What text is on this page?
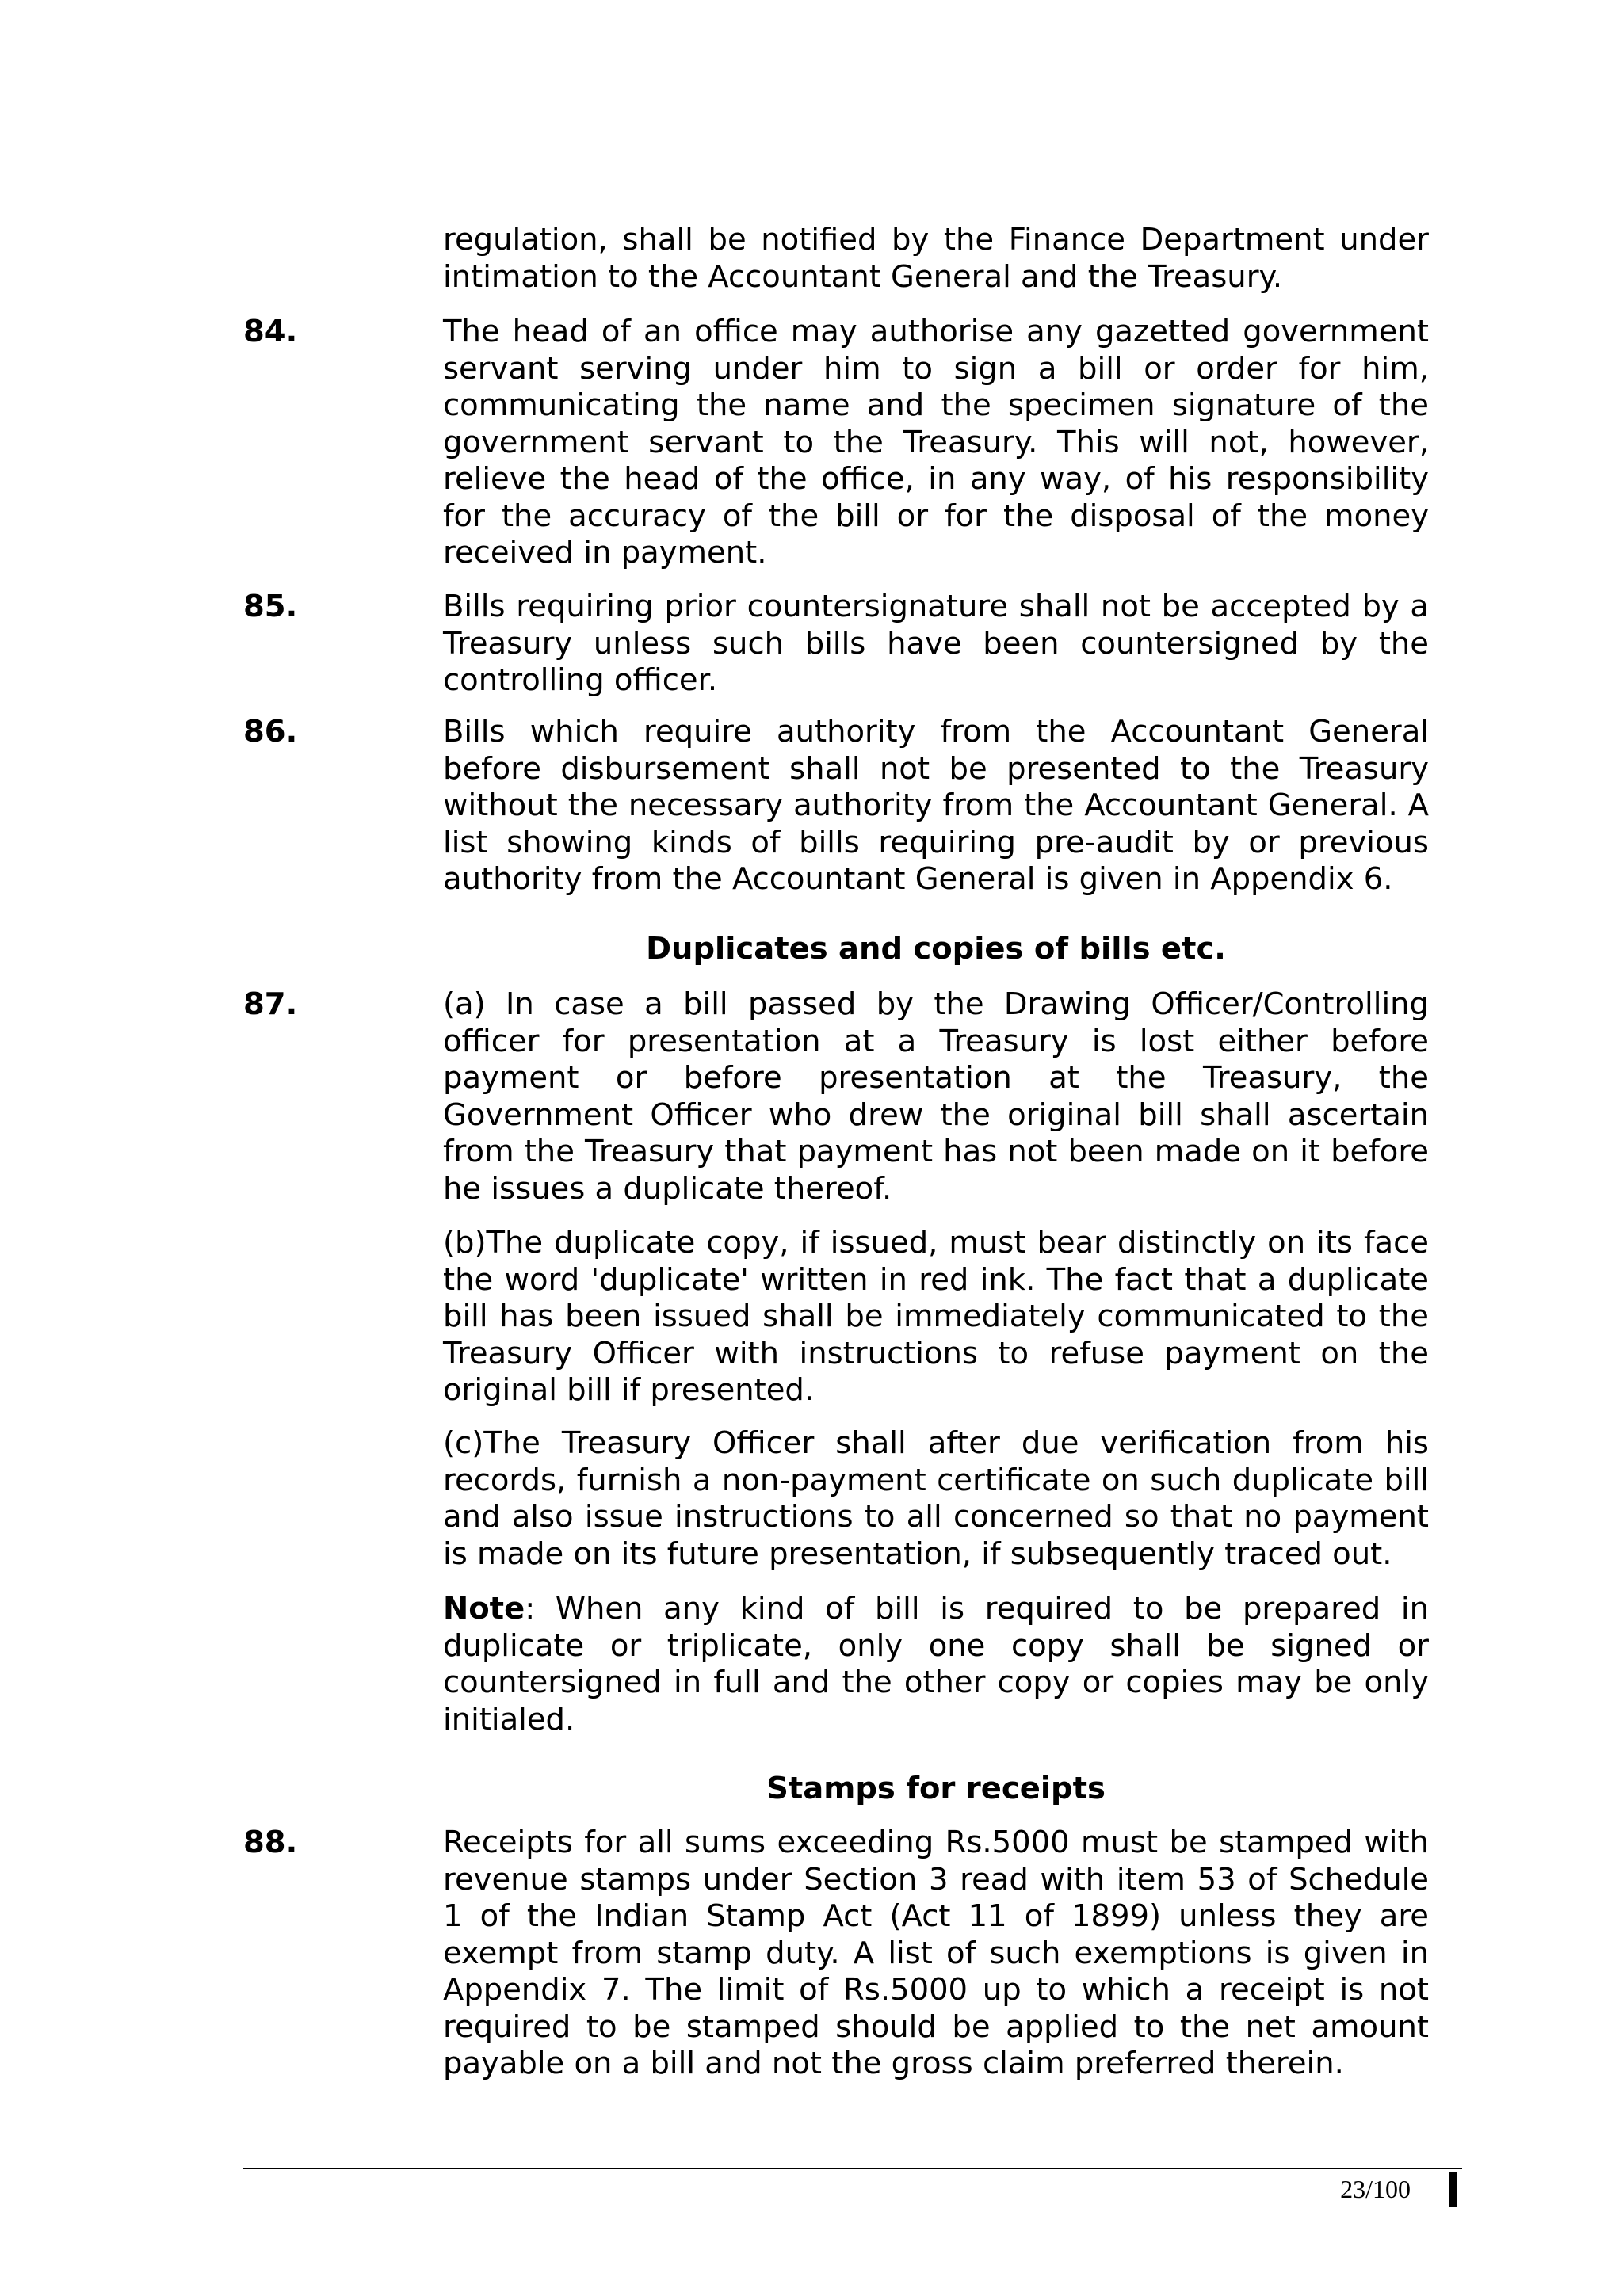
regulation, shall be notified by the Finance Department under intimation to the Accountant General and the Treasury.
84.	The head of an office may authorise any gazetted government servant serving under him to sign a bill or order for him, communicating the name and the specimen signature of the government servant to the Treasury. This will not, however, relieve the head of the office, in any way, of his responsibility for the accuracy of the bill or for the disposal of the money received in payment.
85.	Bills requiring prior countersignature shall not be accepted by a Treasury unless such bills have been countersigned by the controlling officer.
86.	Bills which require authority from the Accountant General before disbursement shall not be presented to the Treasury without the necessary authority from the Accountant General. A list showing kinds of bills requiring pre-audit by or previous authority from the Accountant General is given in Appendix 6.
Duplicates and copies of bills etc.
87.	(a) In case a bill passed by the Drawing Officer/Controlling officer for presentation at a Treasury is lost either before payment or before presentation at the Treasury, the Government Officer who drew the original bill shall ascertain from the Treasury that payment has not been made on it before he issues a duplicate thereof.
(b)The duplicate copy, if issued, must bear distinctly on its face the word 'duplicate' written in red ink. The fact that a duplicate bill has been issued shall be immediately communicated to the Treasury Officer with instructions to refuse payment on the original bill if presented.
(c)The Treasury Officer shall after due verification from his records, furnish a non-payment certificate on such duplicate bill and also issue instructions to all concerned so that no payment is made on its future presentation, if subsequently traced out.
Note: When any kind of bill is required to be prepared in duplicate or triplicate, only one copy shall be signed or countersigned in full and the other copy or copies may be only initialed.
Stamps for receipts
88.	Receipts for all sums exceeding Rs.5000 must be stamped with revenue stamps under Section 3 read with item 53 of Schedule 1 of the Indian Stamp Act (Act 11 of 1899) unless they are exempt from stamp duty. A list of such exemptions is given in Appendix 7. The limit of Rs.5000 up to which a receipt is not required to be stamped should be applied to the net amount payable on a bill and not the gross claim preferred therein.
23/100
